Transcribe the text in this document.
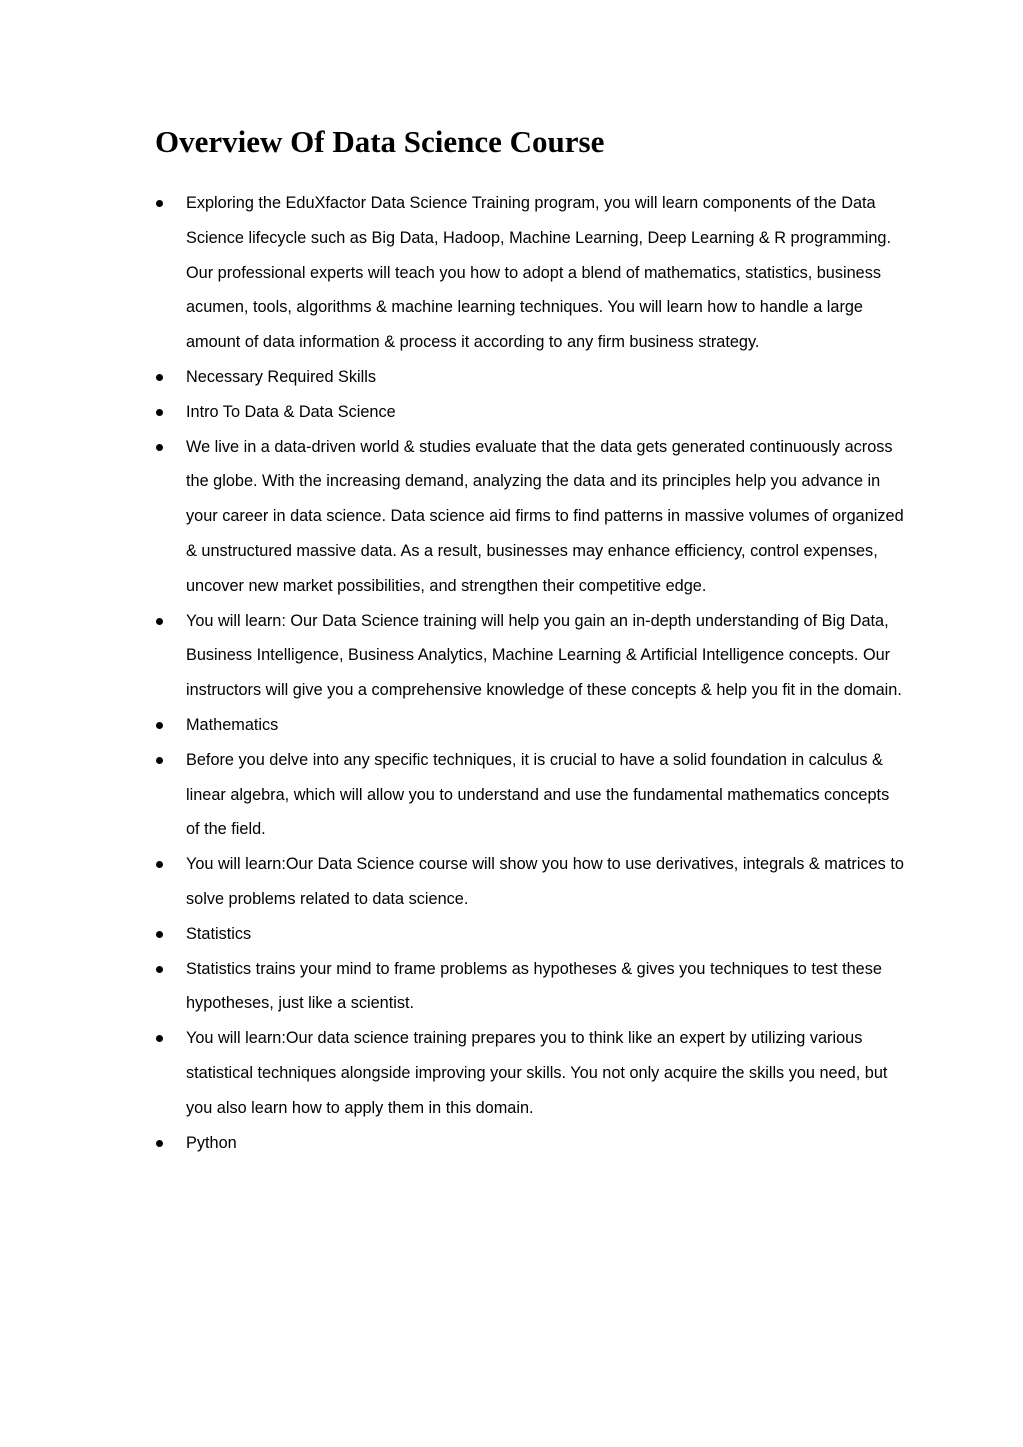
Overview Of Data Science Course
Exploring the EduXfactor Data Science Training program, you will learn components of the Data Science lifecycle such as Big Data, Hadoop, Machine Learning, Deep Learning & R programming. Our professional experts will teach you how to adopt a blend of mathematics, statistics, business acumen, tools, algorithms & machine learning techniques. You will learn how to handle a large amount of data information & process it according to any firm business strategy.
Necessary Required Skills
Intro To Data & Data Science
We live in a data-driven world & studies evaluate that the data gets generated continuously across the globe. With the increasing demand, analyzing the data and its principles help you advance in your career in data science. Data science aid firms to find patterns in massive volumes of organized & unstructured massive data. As a result, businesses may enhance efficiency, control expenses, uncover new market possibilities, and strengthen their competitive edge.
You will learn: Our Data Science training will help you gain an in-depth understanding of Big Data, Business Intelligence, Business Analytics, Machine Learning & Artificial Intelligence concepts. Our instructors will give you a comprehensive knowledge of these concepts & help you fit in the domain.
Mathematics
Before you delve into any specific techniques, it is crucial to have a solid foundation in calculus & linear algebra, which will allow you to understand and use the fundamental mathematics concepts of the field.
You will learn:Our Data Science course will show you how to use derivatives, integrals & matrices to solve problems related to data science.
Statistics
Statistics trains your mind to frame problems as hypotheses & gives you techniques to test these hypotheses, just like a scientist.
You will learn:Our data science training prepares you to think like an expert by utilizing various statistical techniques alongside improving your skills. You not only acquire the skills you need, but you also learn how to apply them in this domain.
Python
